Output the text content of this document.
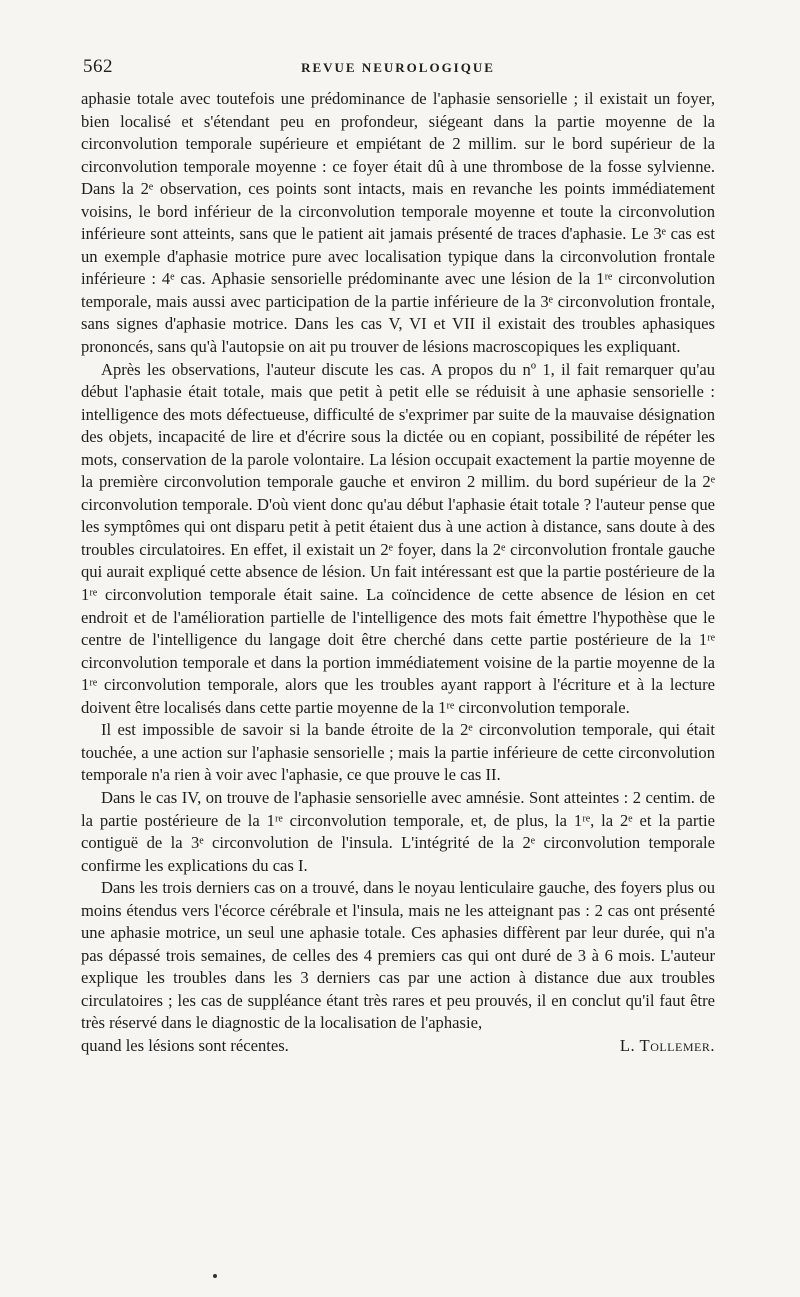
562	REVUE NEUROLOGIQUE

aphasie totale avec toutefois une prédominance de l'aphasie sensorielle ; il existait un foyer, bien localisé et s'étendant peu en profondeur, siégeant dans la partie moyenne de la circonvolution temporale supérieure et empiétant de 2 millim. sur le bord supérieur de la circonvolution temporale moyenne : ce foyer était dû à une thrombose de la fosse sylvienne. Dans la 2ᵉ observation, ces points sont intacts, mais en revanche les points immédiatement voisins, le bord inférieur de la circonvolution temporale moyenne et toute la circonvolution inférieure sont atteints, sans que le patient ait jamais présenté de traces d'aphasie. Le 3ᵉ cas est un exemple d'aphasie motrice pure avec localisation typique dans la circonvolution frontale inférieure : 4ᵉ cas. Aphasie sensorielle prédominante avec une lésion de la 1ʳᵉ circonvolution temporale, mais aussi avec participation de la partie inférieure de la 3ᵉ circonvolution frontale, sans signes d'aphasie motrice. Dans les cas V, VI et VII il existait des troubles aphasiques prononcés, sans qu'à l'autopsie on ait pu trouver de lésions macroscopiques les expliquant.

Après les observations, l'auteur discute les cas. A propos du nº 1, il fait remarquer qu'au début l'aphasie était totale, mais que petit à petit elle se réduisit à une aphasie sensorielle : intelligence des mots défectueuse, difficulté de s'exprimer par suite de la mauvaise désignation des objets, incapacité de lire et d'écrire sous la dictée ou en copiant, possibilité de répéter les mots, conservation de la parole volontaire. La lésion occupait exactement la partie moyenne de la première circonvolution temporale gauche et environ 2 millim. du bord supérieur de la 2ᵉ circonvolution temporale. D'où vient donc qu'au début l'aphasie était totale ? l'auteur pense que les symptômes qui ont disparu petit à petit étaient dus à une action à distance, sans doute à des troubles circulatoires. En effet, il existait un 2ᵉ foyer, dans la 2ᵉ circonvolution frontale gauche qui aurait expliqué cette absence de lésion. Un fait intéressant est que la partie postérieure de la 1ʳᵉ circonvolution temporale était saine. La coïncidence de cette absence de lésion en cet endroit et de l'amélioration partielle de l'intelligence des mots fait émettre l'hypothèse que le centre de l'intelligence du langage doit être cherché dans cette partie postérieure de la 1ʳᵉ circonvolution temporale et dans la portion immédiatement voisine de la partie moyenne de la 1ʳᵉ circonvolution temporale, alors que les troubles ayant rapport à l'écriture et à la lecture doivent être localisés dans cette partie moyenne de la 1ʳᵉ circonvolution temporale.

Il est impossible de savoir si la bande étroite de la 2ᵉ circonvolution temporale, qui était touchée, a une action sur l'aphasie sensorielle ; mais la partie inférieure de cette circonvolution temporale n'a rien à voir avec l'aphasie, ce que prouve le cas II.

Dans le cas IV, on trouve de l'aphasie sensorielle avec amnésie. Sont atteintes : 2 centim. de la partie postérieure de la 1ʳᵉ circonvolution temporale, et, de plus, la 1ʳᵉ, la 2ᵉ et la partie contiguë de la 3ᵉ circonvolution de l'insula. L'intégrité de la 2ᵉ circonvolution temporale confirme les explications du cas I.

Dans les trois derniers cas on a trouvé, dans le noyau lenticulaire gauche, des foyers plus ou moins étendus vers l'écorce cérébrale et l'insula, mais ne les atteignant pas : 2 cas ont présenté une aphasie motrice, un seul une aphasie totale. Ces aphasies diffèrent par leur durée, qui n'a pas dépassé trois semaines, de celles des 4 premiers cas qui ont duré de 3 à 6 mois. L'auteur explique les troubles dans les 3 derniers cas par une action à distance due aux troubles circulatoires ; les cas de suppléance étant très rares et peu prouvés, il en conclut qu'il faut être très réservé dans le diagnostic de la localisation de l'aphasie,

quand les lésions sont récentes.	L. Tollemer.
